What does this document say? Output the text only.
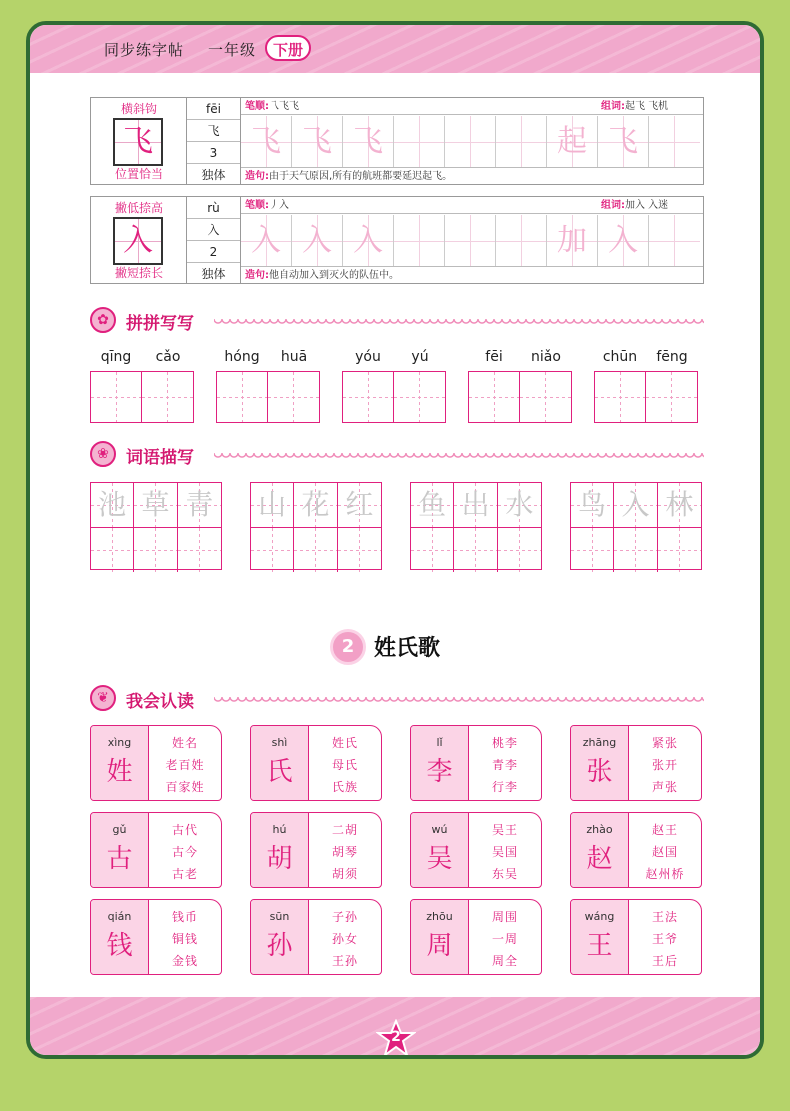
同步练字帖 一年级	下册
横斜钩
飞
位置恰当
fēi
飞
3
独体
笔顺:乁飞飞	组词:起飞 飞机
飞 飞 飞	起 飞
造句:由于天气原因,所有的航班都要延迟起飞。
撇低捺高
入
撇短捺长
rù
入
2
独体
笔顺:丿入	组词:加入 入迷
入 入 入	加 入
造句:他自动加入到灭火的队伍中。
✿	拼拼写写
qīng	cǎo	hóng	huā	yóu	yú	fēi	niǎo	chūn	fēng
❀	词语描写
池 草 青 山 花 红 鱼 出 水 鸟 入 林
2 姓氏歌
❦	我会认读
xìng
姓
姓名
老百姓
百家姓
shì
氏
姓氏
母氏
氏族
lǐ
李
桃李
青李
行李
zhāng
张
紧张
张开
声张
gǔ
古
古代
古今
古老
hú
胡
二胡
胡琴
胡须
wú
吴
吴王
吴国
东吴
zhào
赵
赵王
赵国
赵州桥
qián
钱
钱币
铜钱
金钱
sūn
孙
子孙
孙女
王孙
zhōu
周
周围
一周
周全
wáng
王
王法
王爷
王后
2
